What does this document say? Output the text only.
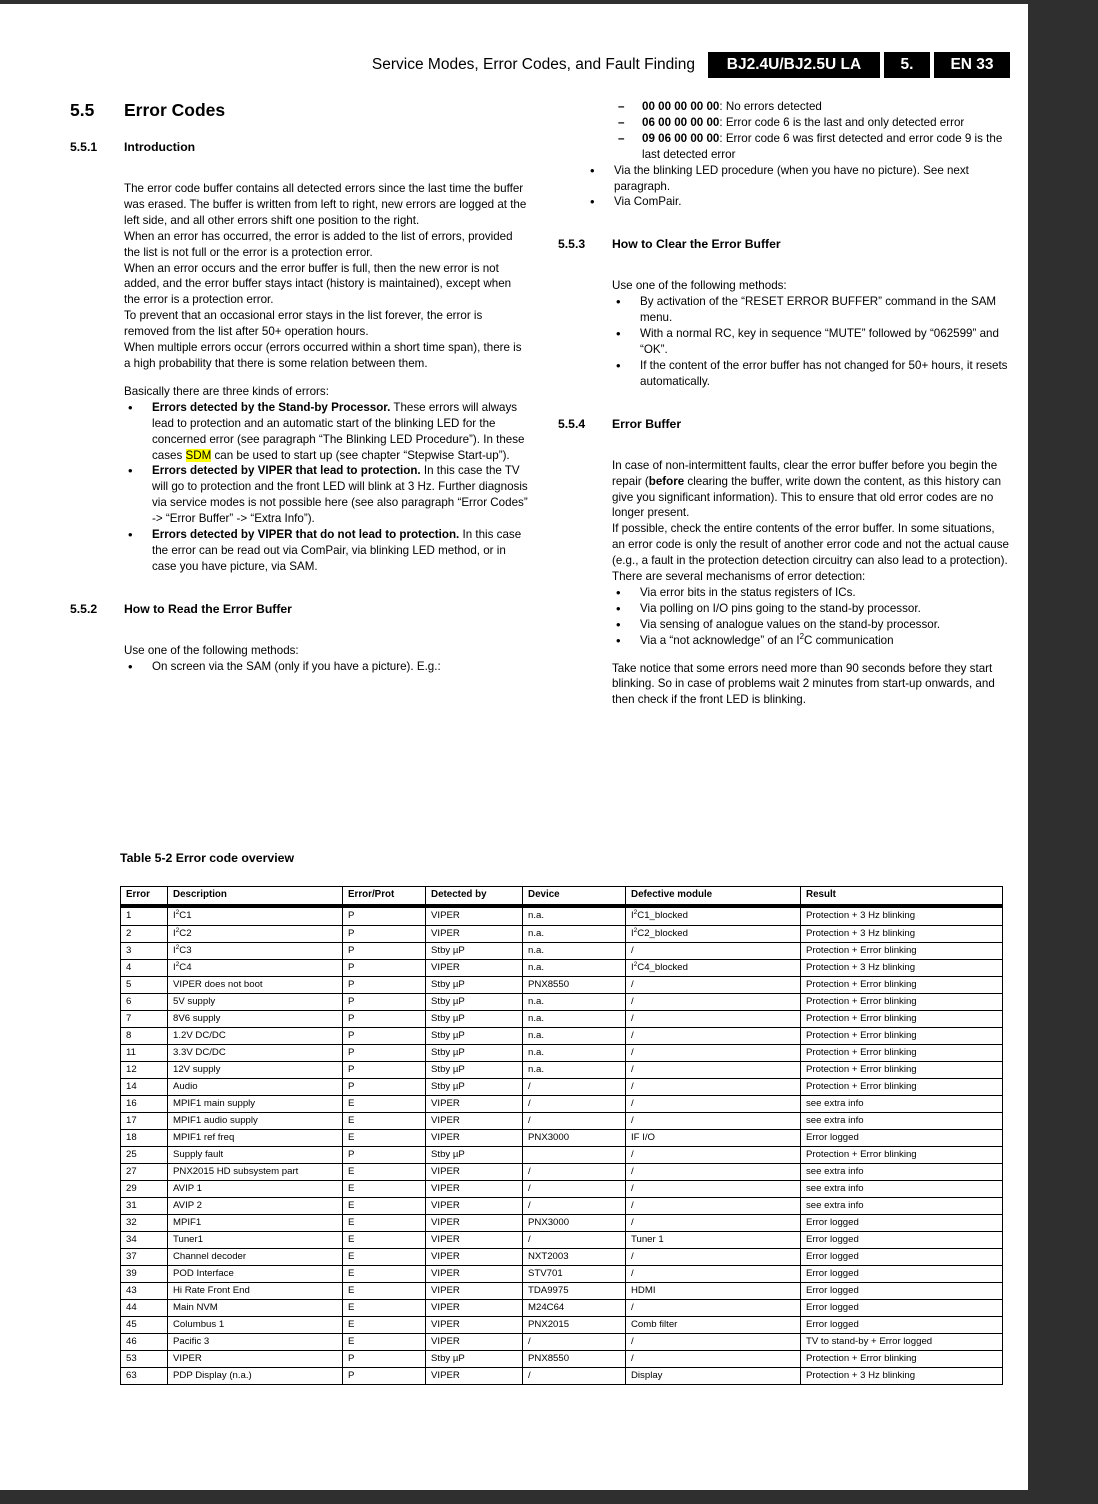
Service Modes, Error Codes, and Fault Finding	BJ2.4U/BJ2.5U LA	5.	EN 33
5.5	Error Codes
5.5.1	Introduction

The error code buffer contains all detected errors since the last time the buffer was erased. The buffer is written from left to right, new errors are logged at the left side, and all other errors shift one position to the right.

When an error has occurred, the error is added to the list of errors, provided the list is not full or the error is a protection error.

When an error occurs and the error buffer is full, then the new error is not added, and the error buffer stays intact (history is maintained), except when the error is a protection error.

To prevent that an occasional error stays in the list forever, the error is removed from the list after 50+ operation hours.

When multiple errors occur (errors occurred within a short time span), there is a high probability that there is some relation between them.

Basically there are three kinds of errors:

• Errors detected by the Stand-by Processor. These errors will always lead to protection and an automatic start of the blinking LED for the concerned error (see paragraph “The Blinking LED Procedure”). In these cases SDM can be used to start up (see chapter “Stepwise Start-up”).
• Errors detected by VIPER that lead to protection. In this case the TV will go to protection and the front LED will blink at 3 Hz. Further diagnosis via service modes is not possible here (see also paragraph “Error Codes” -> “Error Buffer” -> “Extra Info”).
• Errors detected by VIPER that do not lead to protection. In this case the error can be read out via ComPair, via blinking LED method, or in case you have picture, via SAM.
5.5.2	How to Read the Error Buffer

Use one of the following methods:

• On screen via the SAM (only if you have a picture). E.g.:
– 00 00 00 00 00: No errors detected
– 06 00 00 00 00: Error code 6 is the last and only detected error
– 09 06 00 00 00: Error code 6 was first detected and error code 9 is the last detected error
• Via the blinking LED procedure (when you have no picture). See next paragraph.
• Via ComPair.
5.5.3	How to Clear the Error Buffer

Use one of the following methods:

• By activation of the “RESET ERROR BUFFER” command in the SAM menu.
• With a normal RC, key in sequence “MUTE” followed by “062599” and “OK”.
• If the content of the error buffer has not changed for 50+ hours, it resets automatically.
5.5.4	Error Buffer

In case of non-intermittent faults, clear the error buffer before you begin the repair (before clearing the buffer, write down the content, as this history can give you significant information). This to ensure that old error codes are no longer present.

If possible, check the entire contents of the error buffer. In some situations, an error code is only the result of another error code and not the actual cause (e.g., a fault in the protection detection circuitry can also lead to a protection).

There are several mechanisms of error detection:

• Via error bits in the status registers of ICs.
• Via polling on I/O pins going to the stand-by processor.
• Via sensing of analogue values on the stand-by processor.
• Via a “not acknowledge” of an $I^2C$ communication

Take notice that some errors need more than 90 seconds before they start blinking. So in case of problems wait 2 minutes from start-up onwards, and then check if the front LED is blinking.

Table 5-2 Error code overview
Error	Description	Error/Prot	Detected by	Device	Defective module	Result
1	$I^2C1$	P	VIPER	n.a.	$I^2C1\_blocked$	Protection + 3 Hz blinking
2	$I^2C2$	P	VIPER	n.a.	$I^2C2\_blocked$	Protection + 3 Hz blinking
3	$I^2C3$	P	Stby µP	n.a.	/	Protection + Error blinking
4	$I^2C4$	P	VIPER	n.a.	$I^2C4\_blocked$	Protection + 3 Hz blinking
5	VIPER does not boot	P	Stby µP	PNX8550	/	Protection + Error blinking
6	5V supply	P	Stby µP	n.a.	/	Protection + Error blinking
7	8V6 supply	P	Stby µP	n.a.	/	Protection + Error blinking
8	1.2V DC/DC	P	Stby µP	n.a.	/	Protection + Error blinking
11	3.3V DC/DC	P	Stby µP	n.a.	/	Protection + Error blinking
12	12V supply	P	Stby µP	n.a.	/	Protection + Error blinking
14	Audio	P	Stby µP	/	/	Protection + Error blinking
16	MPIF1 main supply	E	VIPER	/	/	see extra info
17	MPIF1 audio supply	E	VIPER	/	/	see extra info
18	MPIF1 ref freq	E	VIPER	PNX3000	IF I/O	Error logged
25	Supply fault	P	Stby µP		/	Protection + Error blinking
27	PNX2015 HD subsystem part	E	VIPER	/	/	see extra info
29	AVIP 1	E	VIPER	/	/	see extra info
31	AVIP 2	E	VIPER	/	/	see extra info
32	MPIF1	E	VIPER	PNX3000	/	Error logged
34	Tuner1	E	VIPER	/	Tuner 1	Error logged
37	Channel decoder	E	VIPER	NXT2003	/	Error logged
39	POD Interface	E	VIPER	STV701	/	Error logged
43	Hi Rate Front End	E	VIPER	TDA9975	HDMI	Error logged
44	Main NVM	E	VIPER	M24C64	/	Error logged
45	Columbus 1	E	VIPER	PNX2015	Comb filter	Error logged
46	Pacific 3	E	VIPER	/	/	TV to stand-by + Error logged
53	VIPER	P	Stby µP	PNX8550	/	Protection + Error blinking
63	PDP Display (n.a.)	P	VIPER	/	Display	Protection + 3 Hz blinking
